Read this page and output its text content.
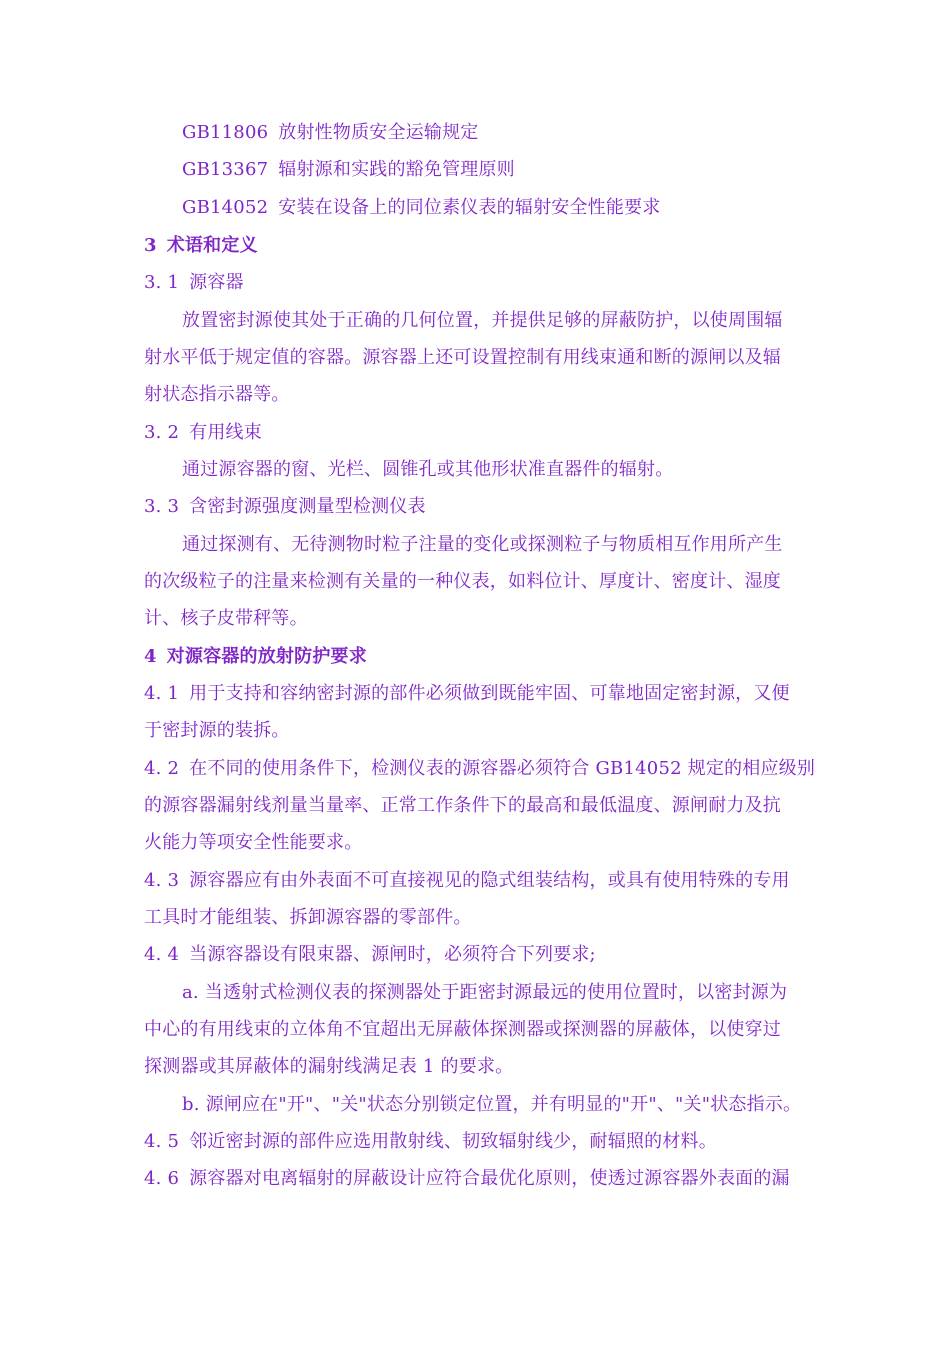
GB11806 放射性物质安全运输规定
GB13367 辐射源和实践的豁免管理原则
GB14052 安装在设备上的同位素仪表的辐射安全性能要求
3 术语和定义
3. 1 源容器
放置密封源使其处于正确的几何位置，并提供足够的屏蔽防护，以使周围辐
射水平低于规定值的容器。源容器上还可设置控制有用线束通和断的源闸以及辐
射状态指示器等。
3. 2 有用线束
通过源容器的窗、光栏、圆锥孔或其他形状准直器件的辐射。
3. 3 含密封源强度测量型检测仪表
通过探测有、无待测物时粒子注量的变化或探测粒子与物质相互作用所产生
的次级粒子的注量来检测有关量的一种仪表，如料位计、厚度计、密度计、湿度
计、核子皮带秤等。
4 对源容器的放射防护要求
4. 1 用于支持和容纳密封源的部件必须做到既能牢固、可靠地固定密封源，又便
于密封源的装拆。
4. 2 在不同的使用条件下，检测仪表的源容器必须符合 GB14052 规定的相应级别
的源容器漏射线剂量当量率、正常工作条件下的最高和最低温度、源闸耐力及抗
火能力等项安全性能要求。
4. 3 源容器应有由外表面不可直接视见的隐式组装结构，或具有使用特殊的专用
工具时才能组装、拆卸源容器的零部件。
4. 4 当源容器设有限束器、源闸时，必须符合下列要求;
a. 当透射式检测仪表的探测器处于距密封源最远的使用位置时，以密封源为
中心的有用线束的立体角不宜超出无屏蔽体探测器或探测器的屏蔽体，以使穿过
探测器或其屏蔽体的漏射线满足表 1 的要求。
b. 源闸应在"开"、"关"状态分别锁定位置，并有明显的"开"、"关"状态指示。
4. 5 邻近密封源的部件应选用散射线、韧致辐射线少，耐辐照的材料。
4. 6 源容器对电离辐射的屏蔽设计应符合最优化原则，使透过源容器外表面的漏
